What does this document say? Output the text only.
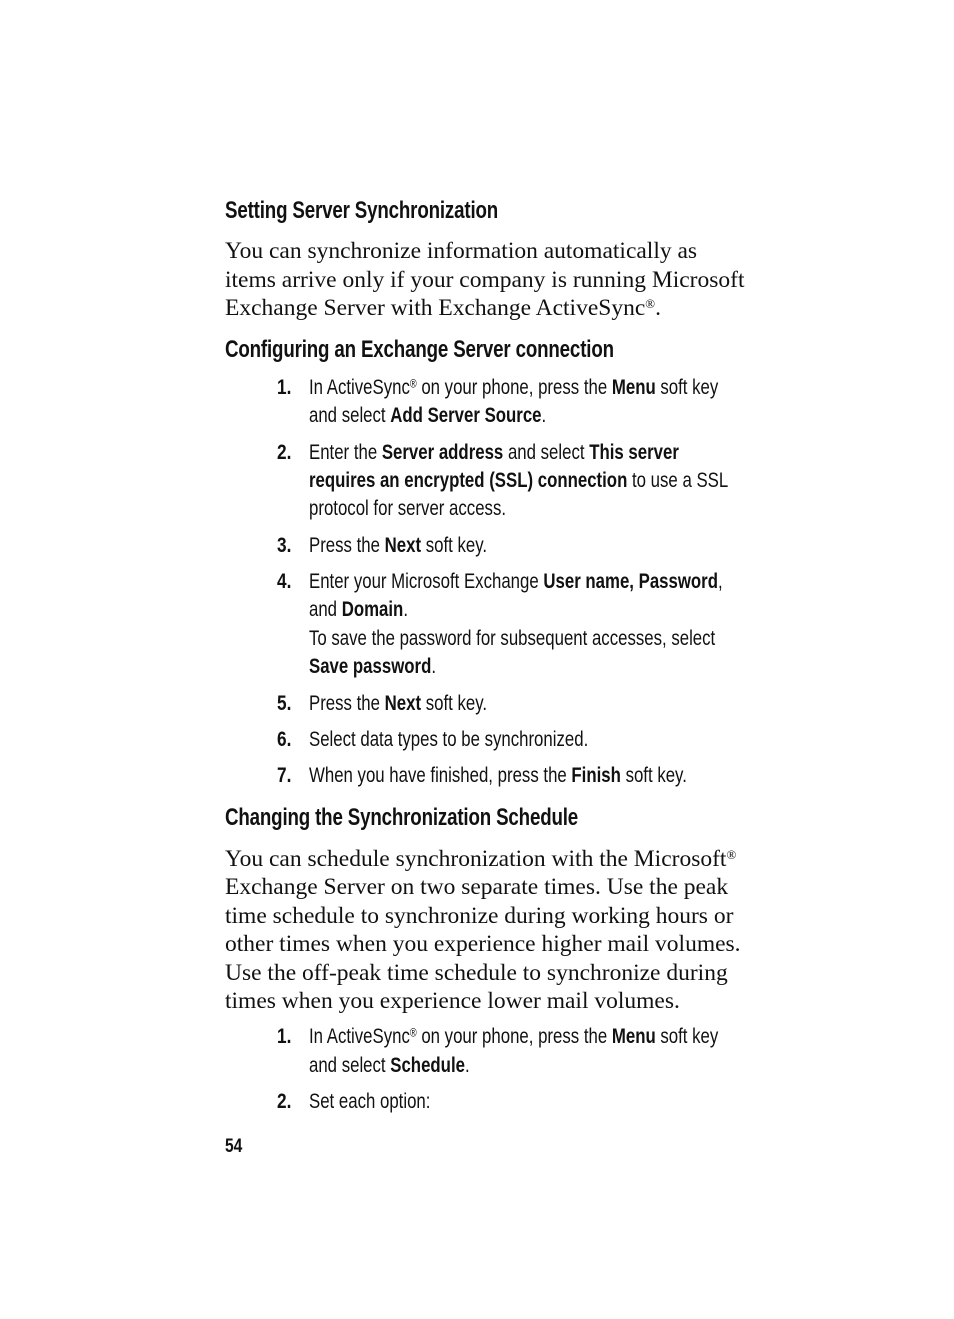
Setting Server Synchronization
You can synchronize information automatically as
items arrive only if your company is running Microsoft
Exchange Server with Exchange ActiveSync®.
Configuring an Exchange Server connection
1. In ActiveSync® on your phone, press the Menu soft key
and select Add Server Source.
2. Enter the Server address and select This server
requires an encrypted (SSL) connection to use a SSL
protocol for server access.
3. Press the Next soft key.
4. Enter your Microsoft Exchange User name, Password,
and Domain.
To save the password for subsequent accesses, select
Save password.
5. Press the Next soft key.
6. Select data types to be synchronized.
7. When you have finished, press the Finish soft key.
Changing the Synchronization Schedule
You can schedule synchronization with the Microsoft®
Exchange Server on two separate times. Use the peak
time schedule to synchronize during working hours or
other times when you experience higher mail volumes.
Use the off-peak time schedule to synchronize during
times when you experience lower mail volumes.
1. In ActiveSync® on your phone, press the Menu soft key
and select Schedule.
2. Set each option:
54
